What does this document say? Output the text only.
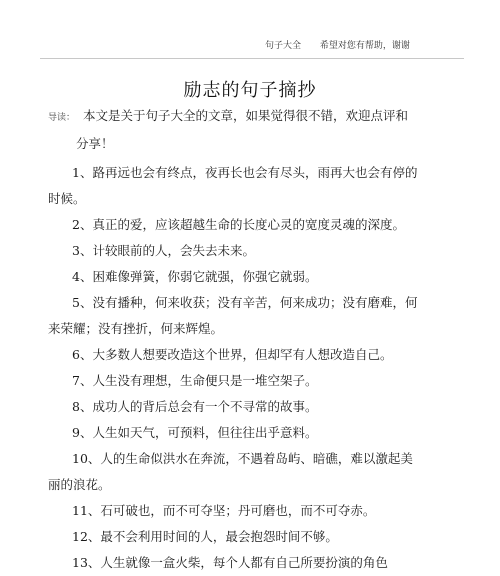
句子大全 希望对您有帮助，谢谢
励志的句子摘抄
导读： 本文是关于句子大全的文章，如果觉得很不错，欢迎点评和分享！

1、路再远也会有终点，夜再长也会有尽头，雨再大也会有停的时候。

2、真正的爱，应该超越生命的长度心灵的宽度灵魂的深度。

3、计较眼前的人，会失去未来。

4、困难像弹簧，你弱它就强，你强它就弱。

5、没有播种，何来收获；没有辛苦，何来成功；没有磨难，何来荣耀；没有挫折，何来辉煌。

6、大多数人想要改造这个世界，但却罕有人想改造自己。

7、人生没有理想，生命便只是一堆空架子。

8、成功人的背后总会有一个不寻常的故事。

9、人生如天气，可预料，但往往出乎意料。

10、人的生命似洪水在奔流，不遇着岛屿、暗礁，难以激起美丽的浪花。

11、石可破也，而不可夺坚；丹可磨也，而不可夺赤。

12、最不会利用时间的人，最会抱怨时间不够。

13、人生就像一盒火柴，每个人都有自己所要扮演的角色
